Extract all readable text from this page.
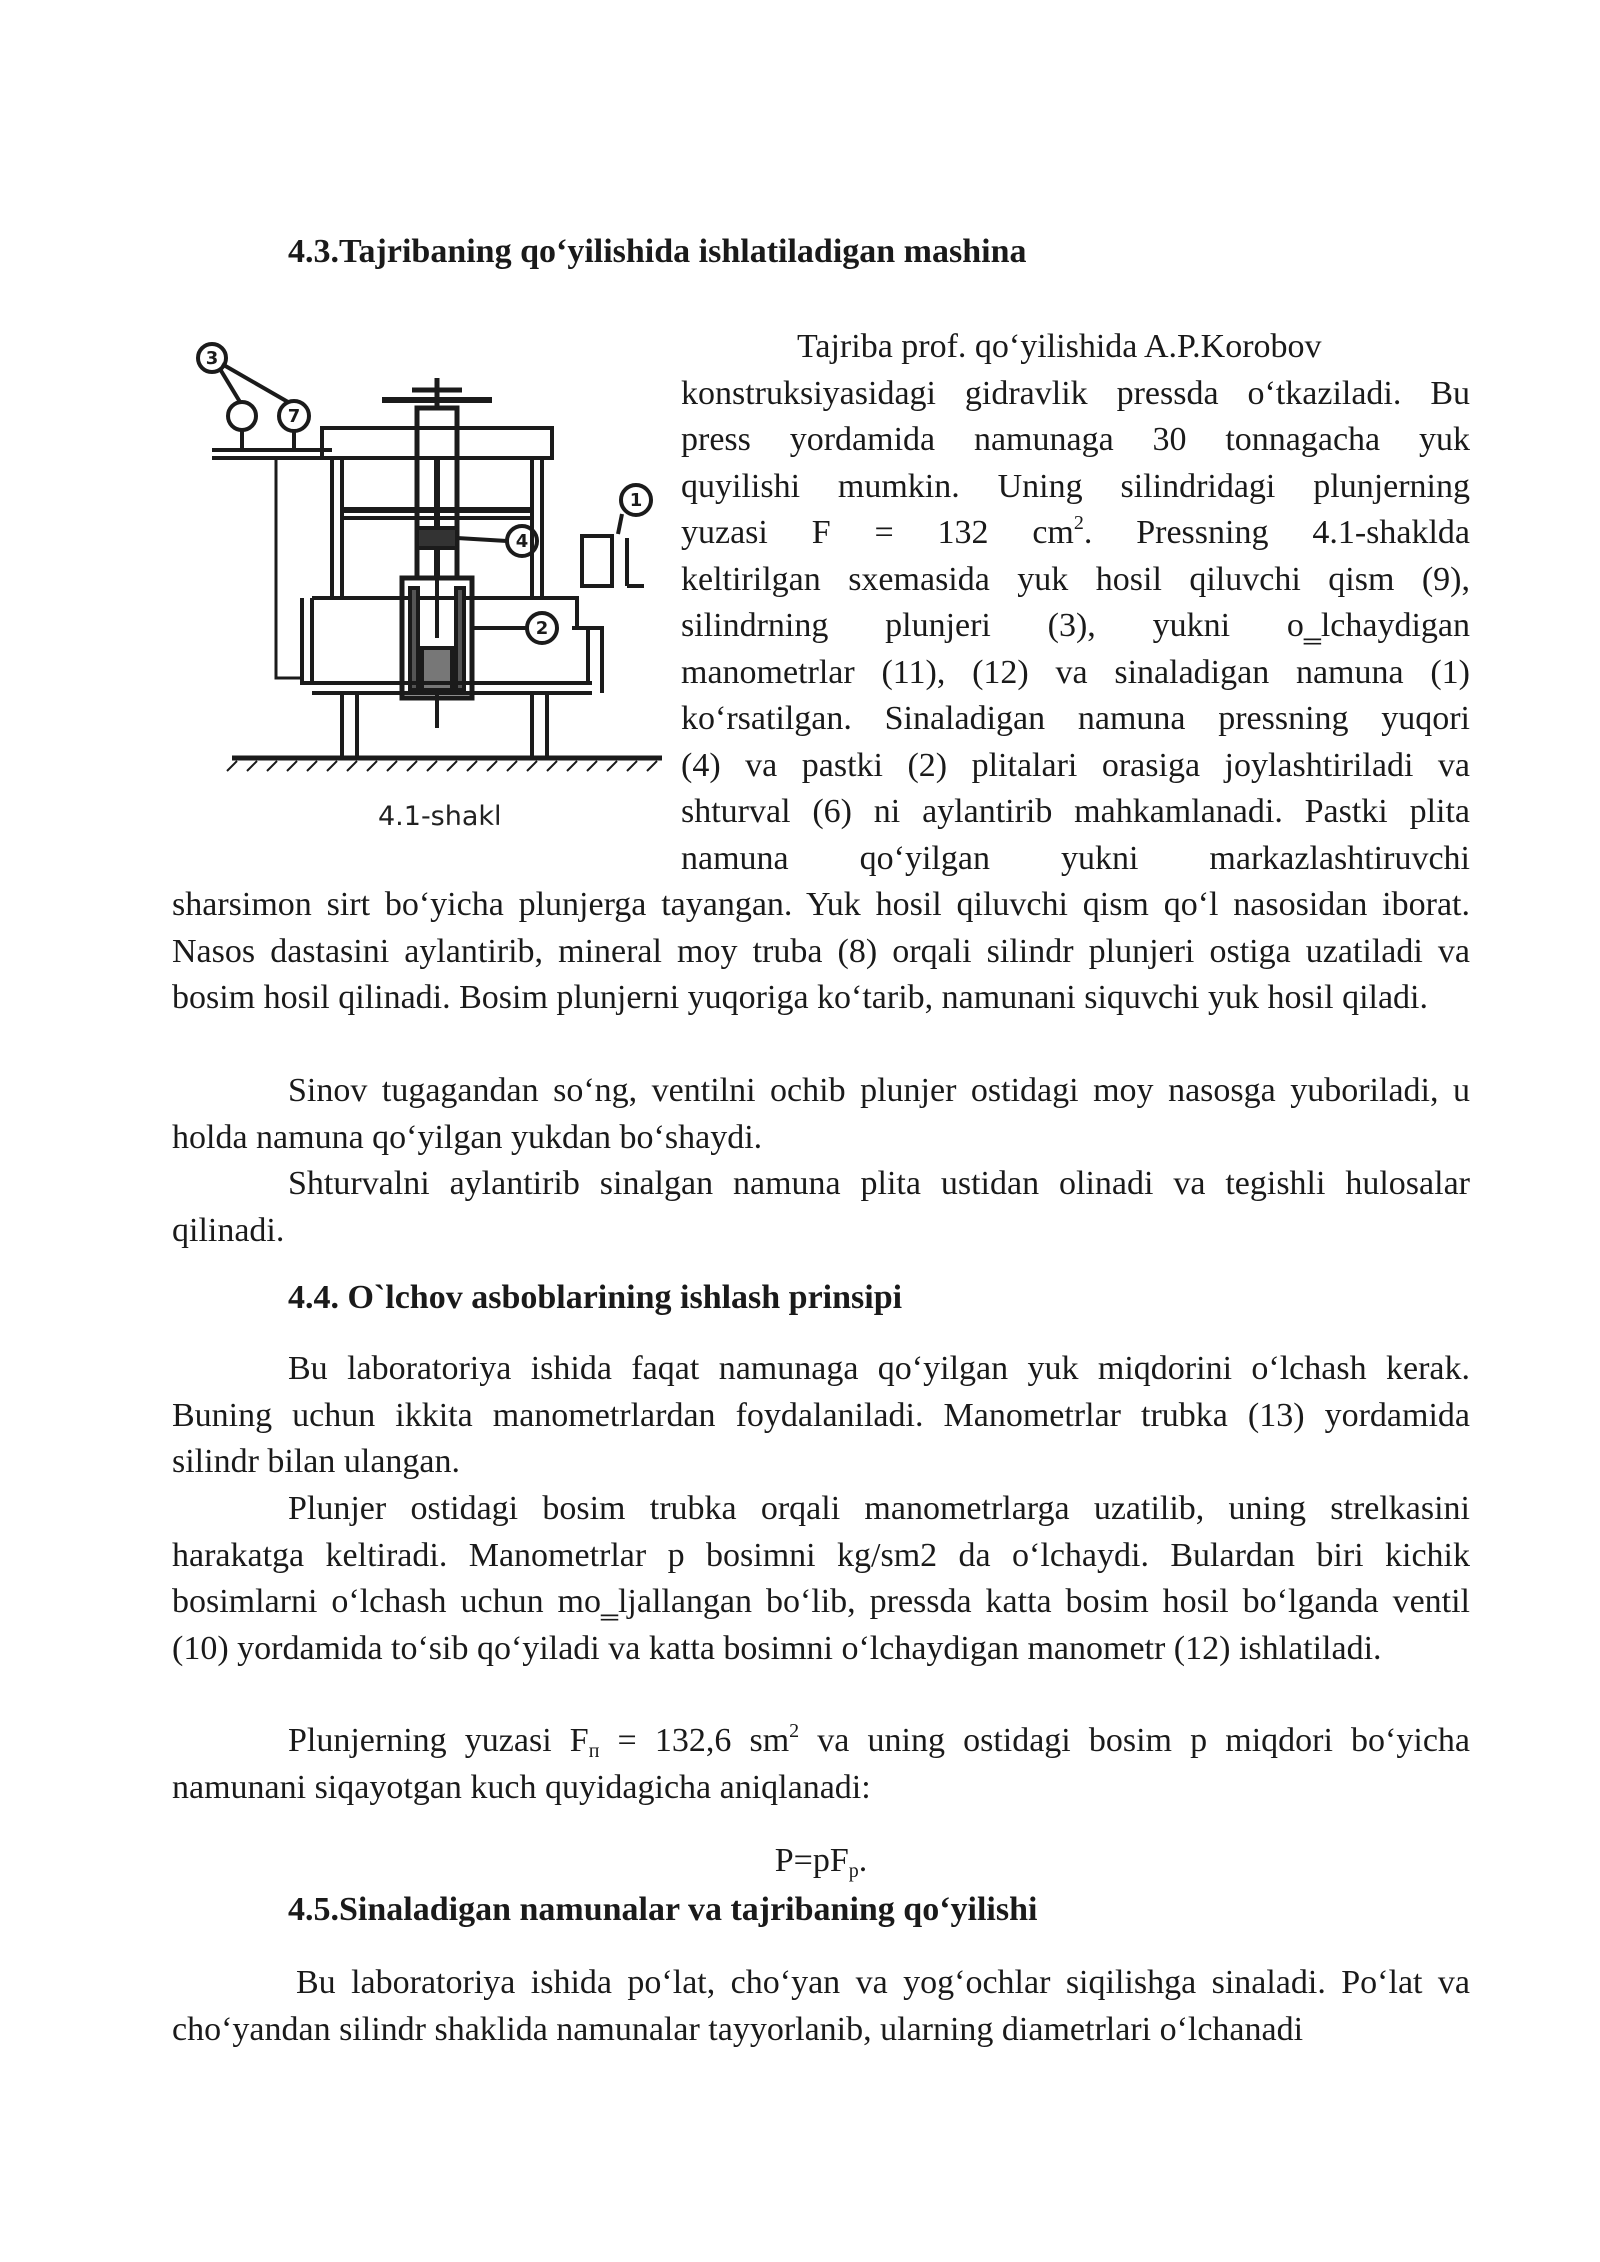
4.3.Tajribaning qo‘yilishida ishlatiladigan mashina
3
7
1
4
2
4.1-shakl

Tajriba prof. qo‘yilishida A.P.Korobov

konstruksiyasidagi gidravlik pressda o‘tkaziladi. Bu

press yordamida namunaga 30 tonnagacha yuk

quyilishi mumkin. Uning silindridagi plunjerning

yuzasi F = 132 $cm^2$. Pressning 4.1-shaklda

keltirilgan sxemasida yuk hosil qiluvchi qism (9),

silindrning plunjeri (3), yukni o‗lchaydigan

manometrlar (11), (12) va sinaladigan namuna (1)

ko‘rsatilgan. Sinaladigan namuna pressning yuqori

(4) va pastki (2) plitalari orasiga joylashtiriladi va

shturval (6) ni aylantirib mahkamlanadi. Pastki plita

namuna qo‘yilgan yukni markazlashtiruvchi

sharsimon sirt bo‘yicha plunjerga tayangan. Yuk hosil qiluvchi qism qo‘l nasosidan iborat. Nasos dastasini aylantirib, mineral moy truba (8) orqali silindr plunjeri ostiga uzatiladi va bosim hosil qilinadi. Bosim plunjerni yuqoriga ko‘tarib, namunani siquvchi yuk hosil qiladi.

Sinov tugagandan so‘ng, ventilni ochib plunjer ostidagi moy nasosga yuboriladi, u holda namuna qo‘yilgan yukdan bo‘shaydi.

Shturvalni aylantirib sinalgan namuna plita ustidan olinadi va tegishli hulosalar qilinadi.

4.4. O`lchov asboblarining ishlash prinsipi

Bu laboratoriya ishida faqat namunaga qo‘yilgan yuk miqdorini o‘lchash kerak. Buning uchun ikkita manometrlardan foydalaniladi. Manometrlar trubka (13) yordamida silindr bilan ulangan.

Plunjer ostidagi bosim trubka orqali manometrlarga uzatilib, uning strelkasini harakatga keltiradi. Manometrlar p bosimni kg/sm2 da o‘lchaydi. Bulardan biri kichik bosimlarni o‘lchash uchun mo‗ljallangan bo‘lib, pressda katta bosim hosil bo‘lganda ventil (10) yordamida to‘sib qo‘yiladi va katta bosimni o‘lchaydigan manometr (12) ishlatiladi.

Plunjerning yuzasi $F_п = 132,6$ $sm^2$ va uning ostidagi bosim p miqdori bo‘yicha namunani siqayotgan kuch quyidagicha aniqlanadi:

$P=pF_p$.
4.5.Sinaladigan namunalar va tajribaning qo‘yilishi

Bu laboratoriya ishida po‘lat, cho‘yan va yog‘ochlar siqilishga sinaladi. Po‘lat va cho‘yandan silindr shaklida namunalar tayyorlanib, ularning diametrlari o‘lchanadi
